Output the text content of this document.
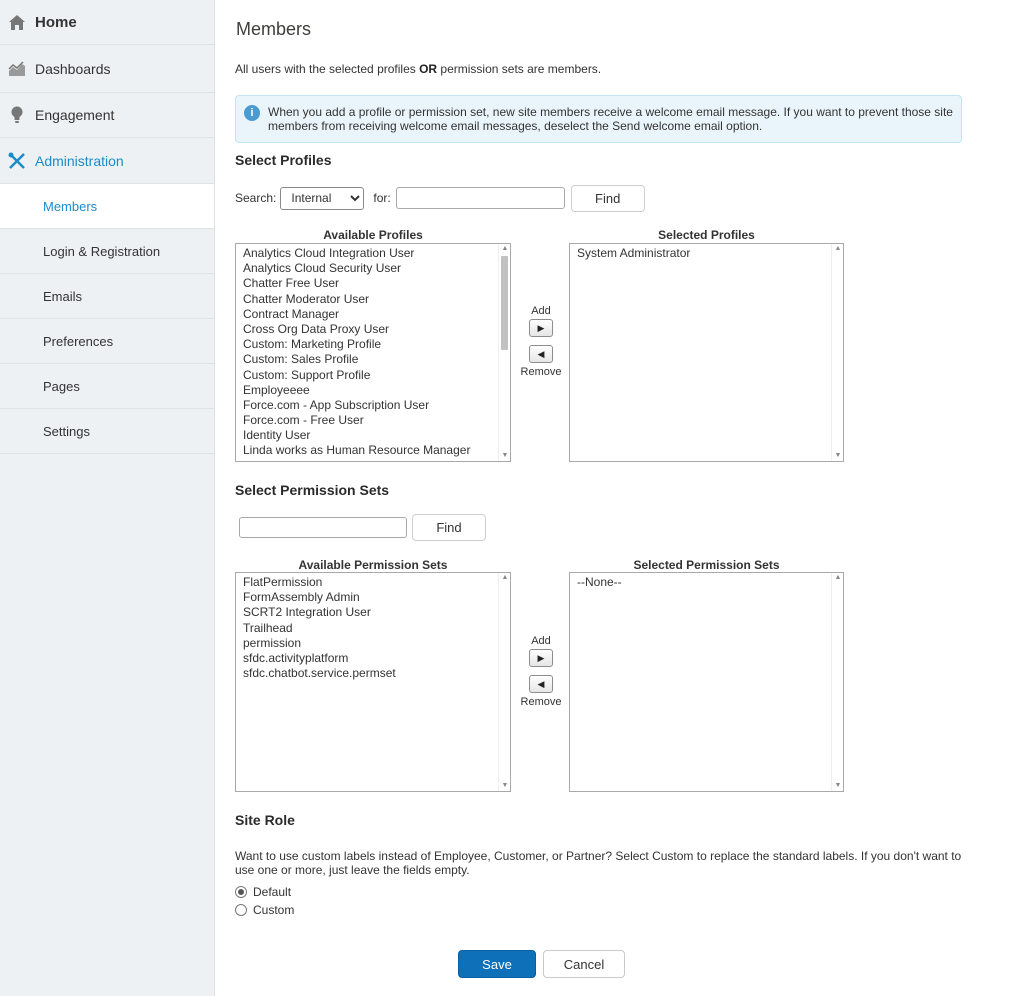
Home
Dashboards
Engagement
Administration
Members
Login & Registration
Emails
Preferences
Pages
Settings
Members
All users with the selected profiles OR permission sets are members.
i	When you add a profile or permission set, new site members receive a welcome email message. If you want to prevent those site members from receiving welcome email messages, deselect the Send welcome email option.
Select Profiles
Search:
Internal	for:	Find
Available Profiles
Analytics Cloud Integration User
Analytics Cloud Security User
Chatter Free User
Chatter Moderator User
Contract Manager
Cross Org Data Proxy User
Custom: Marketing Profile
Custom: Sales Profile
Custom: Support Profile
Employeeee
Force.com - App Subscription User
Force.com - Free User
Identity User
Linda works as Human Resource Manager
▲
▼
Add
▶
◀
Remove
Selected Profiles
System Administrator	▲
▼
Select Permission Sets
Find
Available Permission Sets
FlatPermission
FormAssembly Admin
SCRT2 Integration User
Trailhead
permission
sfdc.activityplatform
sfdc.chatbot.service.permset
▲
▼
Add
▶
◀
Remove
Selected Permission Sets
--None--	▲
▼
Site Role
Want to use custom labels instead of Employee, Customer, or Partner? Select Custom to replace the standard labels. If you don't want to use one or more, just leave the fields empty.
Default
Custom
Save	Cancel
